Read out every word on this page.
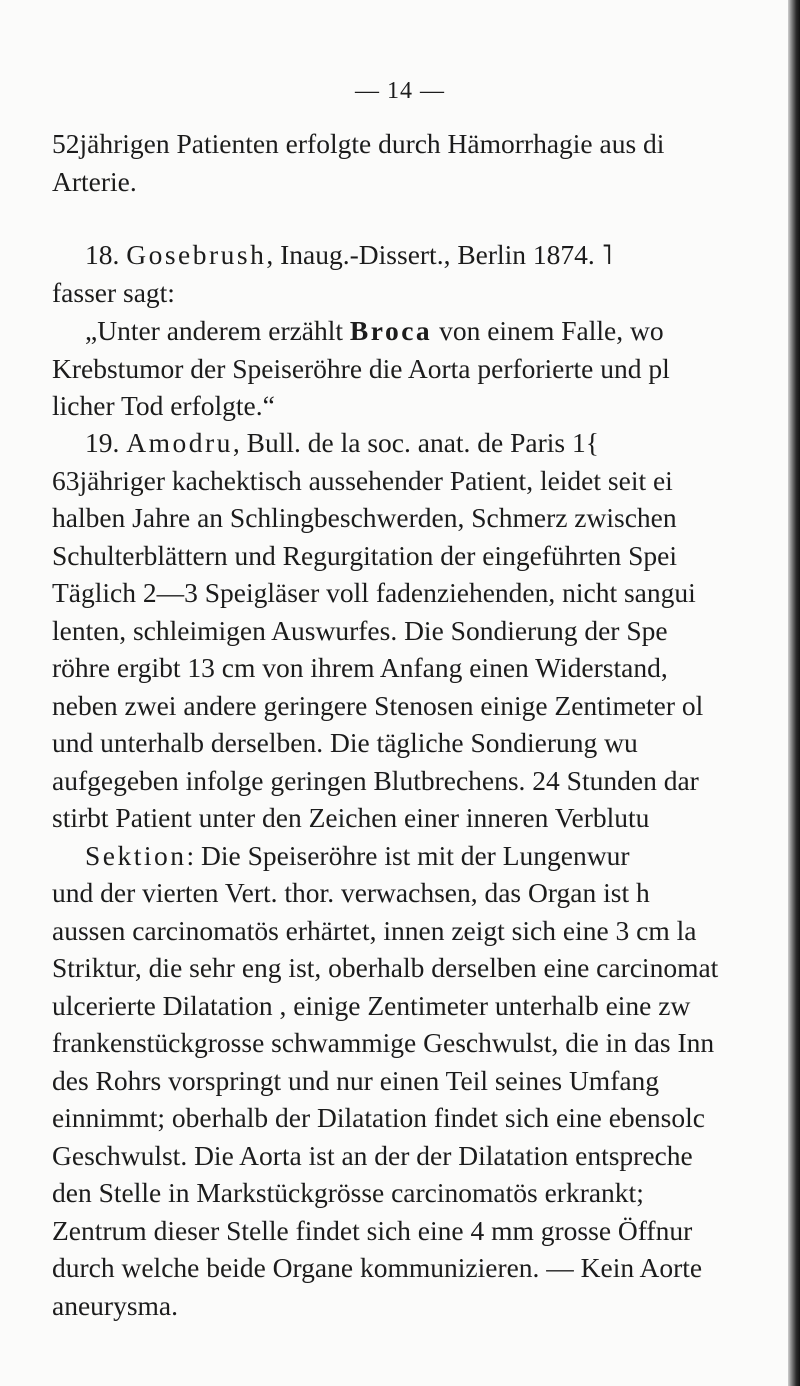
— 14 —

52jährigen Patienten erfolgte durch Hämorrhagie aus di
Arterie.
18. Gosebrush, Inaug.-Dissert., Berlin 1874. ˥
fasser sagt:
„Unter anderem erzählt Broca von einem Falle, wo
Krebstumor der Speiseröhre die Aorta perforierte und pl
licher Tod erfolgte.“
19. Amodru, Bull. de la soc. anat. de Paris 1{
63jähriger kachektisch aussehender Patient, leidet seit ei
halben Jahre an Schlingbeschwerden, Schmerz zwischen
Schulterblättern und Regurgitation der eingeführten Spei
Täglich 2—3 Speigläser voll fadenziehenden, nicht sangui
lenten, schleimigen Auswurfes. Die Sondierung der Spe
röhre ergibt 13 cm von ihrem Anfang einen Widerstand,
neben zwei andere geringere Stenosen einige Zentimeter ol
und unterhalb derselben. Die tägliche Sondierung wu
aufgegeben infolge geringen Blutbrechens. 24 Stunden dar
stirbt Patient unter den Zeichen einer inneren Verblutu
Sektion: Die Speiseröhre ist mit der Lungenwur
und der vierten Vert. thor. verwachsen, das Organ ist h
aussen carcinomatös erhärtet, innen zeigt sich eine 3 cm la
Striktur, die sehr eng ist, oberhalb derselben eine carcinomat
ulcerierte Dilatation , einige Zentimeter unterhalb eine zw
frankenstückgrosse schwammige Geschwulst, die in das Inn
des Rohrs vorspringt und nur einen Teil seines Umfang
einnimmt; oberhalb der Dilatation findet sich eine ebensolc
Geschwulst. Die Aorta ist an der der Dilatation entspreche
den Stelle in Markstückgrösse carcinomatös erkrankt;
Zentrum dieser Stelle findet sich eine 4 mm grosse Öffnur
durch welche beide Organe kommunizieren. — Kein Aorte
aneurysma.
